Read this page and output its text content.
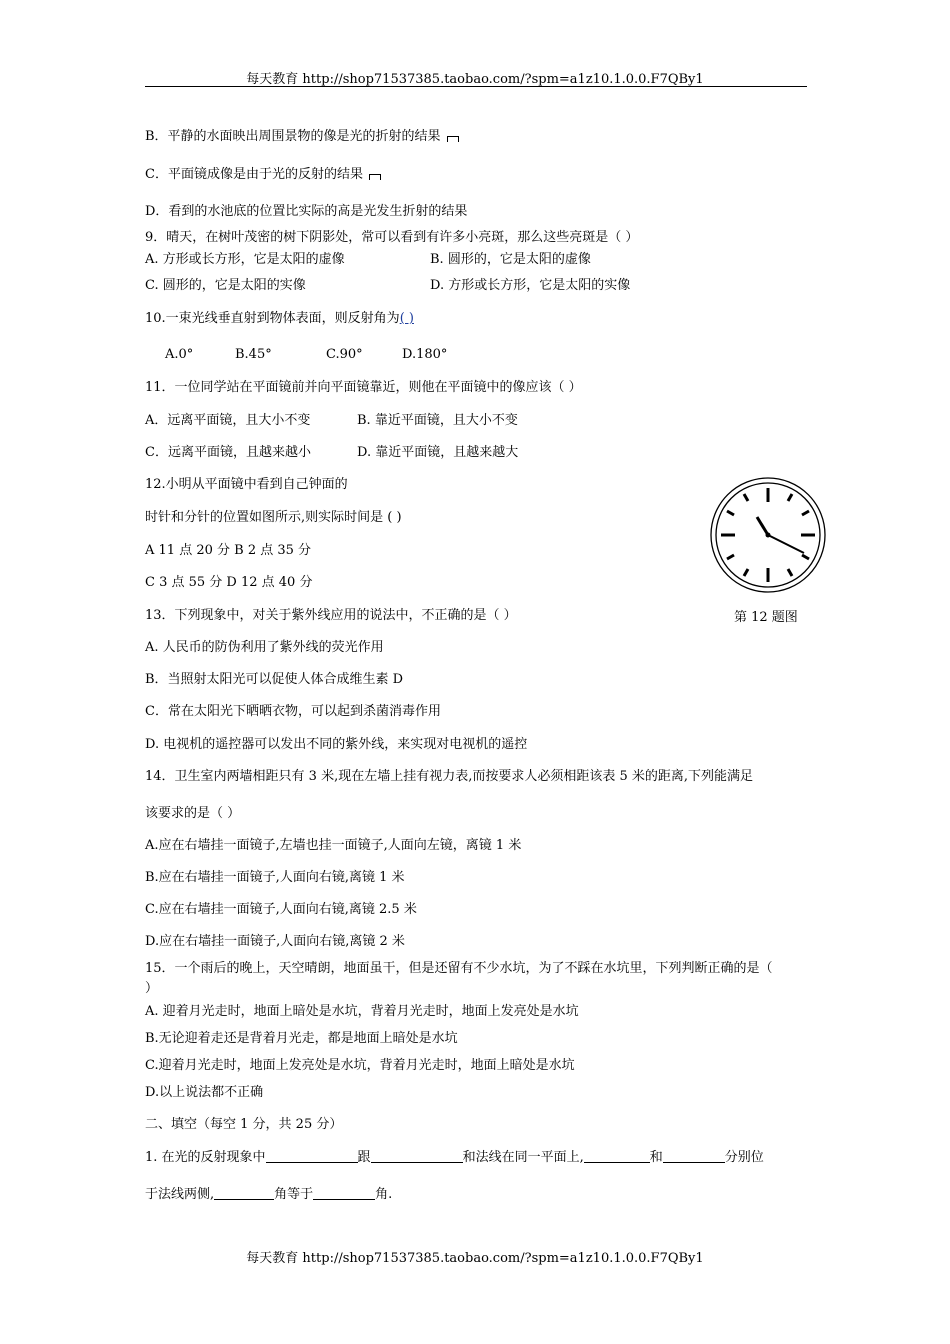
每天教育 http://shop71537385.taobao.com/?spm=a1z10.1.0.0.F7QBy1
B．平静的水面映出周围景物的像是光的折射的结果
C．平面镜成像是由于光的反射的结果
D．看到的水池底的位置比实际的高是光发生折射的结果
9．晴天，在树叶茂密的树下阴影处，常可以看到有许多小亮斑，那么这些亮斑是（ ）
A. 方形或长方形，它是太阳的虚像	B. 圆形的，它是太阳的虚像
C. 圆形的，它是太阳的实像	D. 方形或长方形，它是太阳的实像
10.一束光线垂直射到物体表面，则反射角为( )
A.0°	B.45°	C.90°	D.180°
11．一位同学站在平面镜前并向平面镜靠近，则他在平面镜中的像应该（ ）
A．远离平面镜，且大小不变	B. 靠近平面镜，且大小不变
C．远离平面镜，且越来越小	D. 靠近平面镜，且越来越大
12.小明从平面镜中看到自己钟面的
时针和分针的位置如图所示,则实际时间是 ( )
A 11 点 20 分 B 2 点 35 分
C 3 点 55 分 D 12 点 40 分
第 12 题图
13．下列现象中，对关于紫外线应用的说法中，不正确的是（ ）
A. 人民币的防伪利用了紫外线的荧光作用
B．当照射太阳光可以促使人体合成维生素 D
C．常在太阳光下晒晒衣物，可以起到杀菌消毒作用
D. 电视机的遥控器可以发出不同的紫外线，来实现对电视机的遥控
14．卫生室内两墙相距只有 3 米,现在左墙上挂有视力表,而按要求人必须相距该表 5 米的距离,下列能满足
该要求的是（ ）
A.应在右墙挂一面镜子,左墙也挂一面镜子,人面向左镜，离镜 1 米
B.应在右墙挂一面镜子,人面向右镜,离镜 1 米
C.应在右墙挂一面镜子,人面向右镜,离镜 2.5 米
D.应在右墙挂一面镜子,人面向右镜,离镜 2 米
15．一个雨后的晚上，天空晴朗，地面虽干，但是还留有不少水坑，为了不踩在水坑里，下列判断正确的是（
）
A. 迎着月光走时，地面上暗处是水坑，背着月光走时，地面上发亮处是水坑
B.无论迎着走还是背着月光走，都是地面上暗处是水坑
C.迎着月光走时，地面上发亮处是水坑，背着月光走时，地面上暗处是水坑
D.以上说法都不正确
二、填空（每空 1 分，共 25 分）
1. 在光的反射现象中	跟	和法线在同一平面上,	和	分别位
于法线两侧,	角等于	角.
每天教育 http://shop71537385.taobao.com/?spm=a1z10.1.0.0.F7QBy1
